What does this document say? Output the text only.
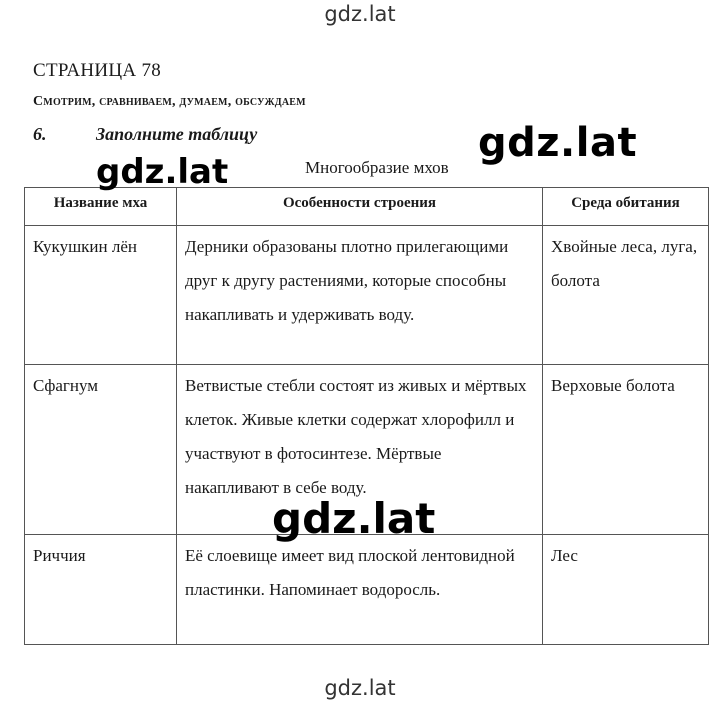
gdz.lat
СТРАНИЦА 78
Смотрим, сравниваем, думаем, обсуждаем
6.	Заполните таблицу
Многообразие мхов
Название мха	Особенности строения	Среда обитания
Кукушкин лён	Дерники образованы плотно прилегающими друг к другу растениями, которые способны накапливать и удерживать воду.	Хвойные леса, луга, болота
Сфагнум	Ветвистые стебли состоят из живых и мёртвых клеток. Живые клетки содержат хлорофилл и участвуют в фотосинтезе. Мёртвые накапливают в себе воду.	Верховые болота
Риччия	Её слоевище имеет вид плоской лентовидной пластинки. Напоминает водоросль.	Лес
gdz.lat
gdz.lat
gdz.lat
gdz.lat
